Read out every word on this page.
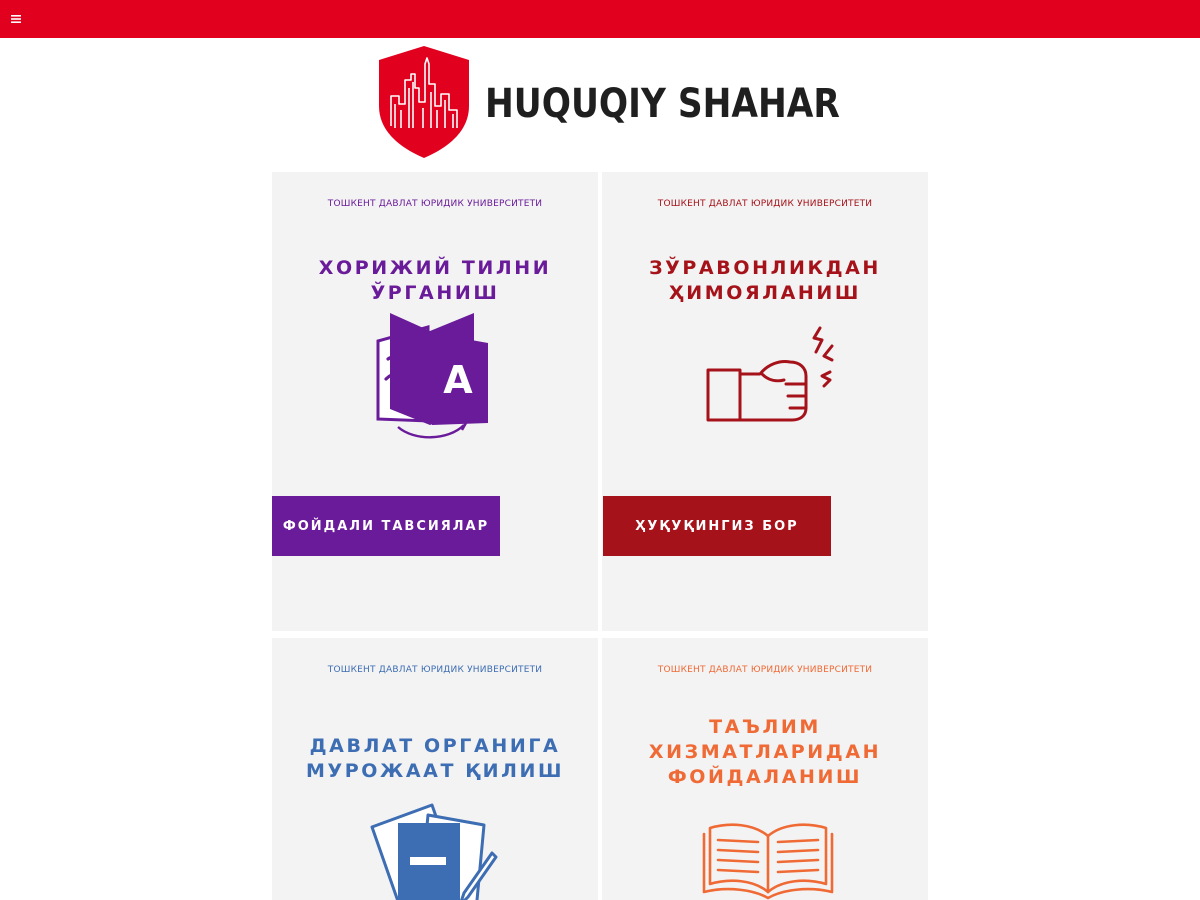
HUQUQIY SHAHAR
ТОШКЕНТ ДАВЛАТ ЮРИДИК УНИВЕРСИТЕТИ
ХОРИЖИЙ ТИЛНИ
ЎРГАНИШ
A
ФОЙДАЛИ ТАВСИЯЛАР
ТОШКЕНТ ДАВЛАТ ЮРИДИК УНИВЕРСИТЕТИ
ЗЎРАВОНЛИКДАН
ҲИМОЯЛАНИШ
ҲУҚУҚИНГИЗ БОР
ТОШКЕНТ ДАВЛАТ ЮРИДИК УНИВЕРСИТЕТИ
ДАВЛАТ ОРГАНИГА
МУРОЖААТ ҚИЛИШ
ТОШКЕНТ ДАВЛАТ ЮРИДИК УНИВЕРСИТЕТИ
ТАЪЛИМ
ХИЗМАТЛАРИДАН
ФОЙДАЛАНИШ
